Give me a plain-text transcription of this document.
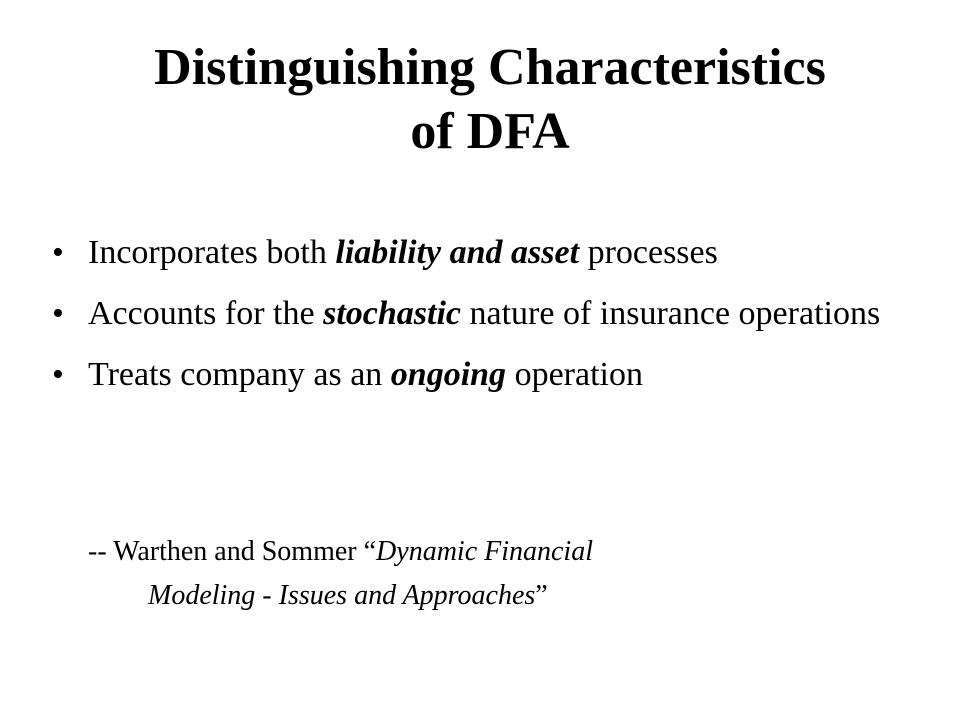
Distinguishing Characteristics
of DFA
• Incorporates both liability and asset processes
• Accounts for the stochastic nature of insurance operations
• Treats company as an ongoing operation
-- Warthen and Sommer “Dynamic Financial
Modeling - Issues and Approaches”
